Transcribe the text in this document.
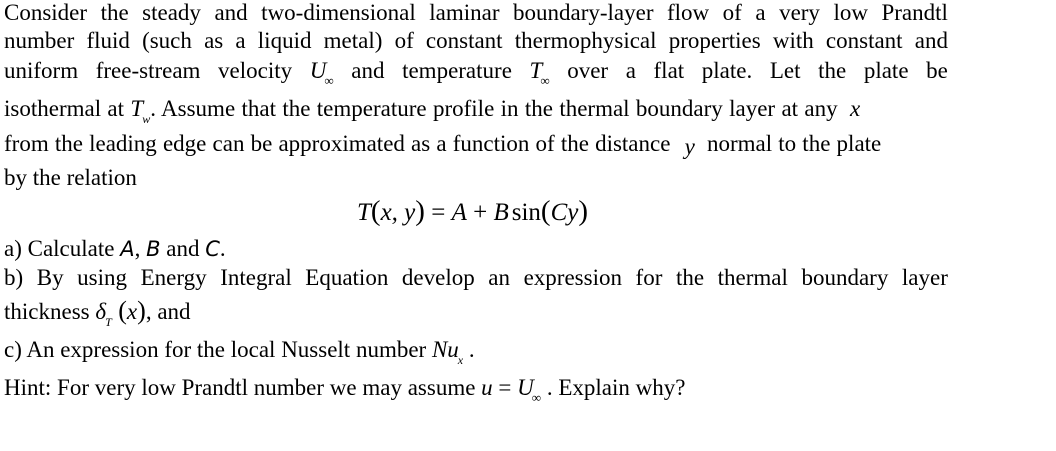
Consider the steady and two-dimensional laminar boundary-layer flow of a very low Prandtl
number fluid (such as a liquid metal) of constant thermophysical properties with constant and
uniform free-stream velocity $U_\infty$ and temperature $T_\infty$ over a flat plate. Let the plate be
isothermal at $T_w$. Assume that the temperature profile in the thermal boundary layer at any x
from the leading edge can be approximated as a function of the distance y normal to the plate
by the relation
T(x, y) = A + B sin(Cy)
a) Calculate A, B and C.
b) By using Energy Integral Equation develop an expression for the thermal boundary layer
thickness $\delta_T$ (x), and
c) An expression for the local Nusselt number $Nu_x$ .
Hint: For very low Prandtl number we may assume $u = U_\infty$ . Explain why?
